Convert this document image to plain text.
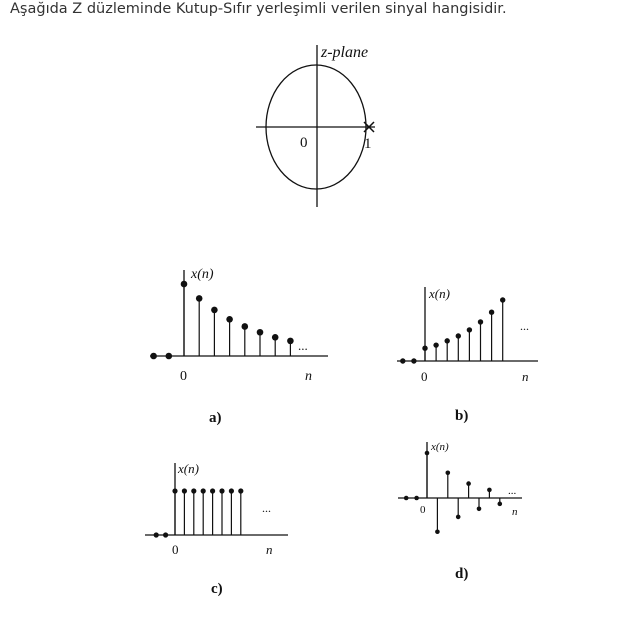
Aşağıda Z düzleminde Kutup-Sıfır yerleşimli verilen sinyal hangisidir.

z-plane
0	1
x(n)
0	n
...
a)
x(n)
0	n
...
b)
x(n)
0	n
...
c)
x(n)
0	n
...
d)
